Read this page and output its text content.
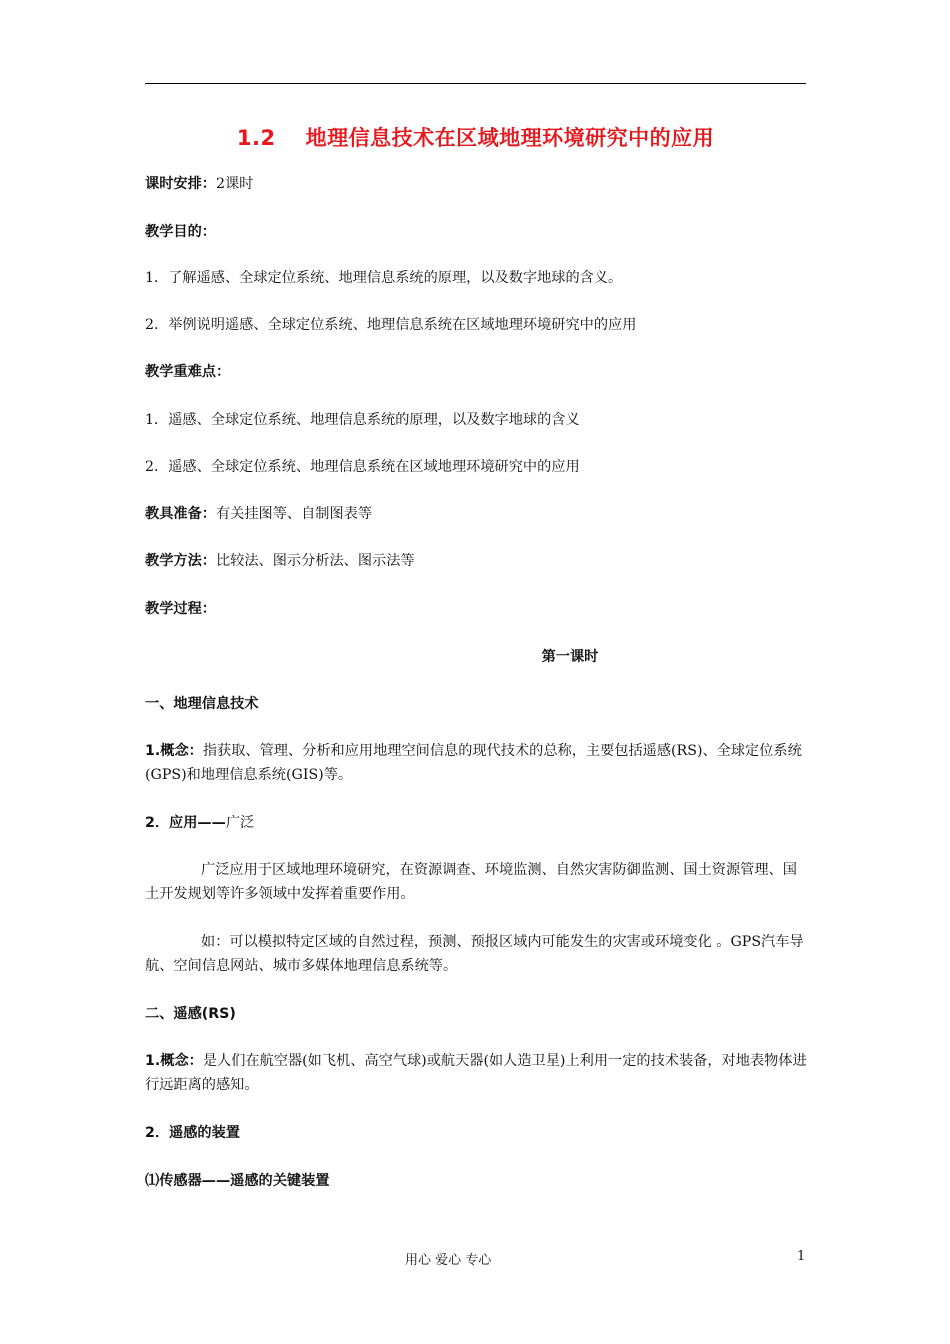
1.2 地理信息技术在区域地理环境研究中的应用
课时安排：2课时
教学目的：
1．了解遥感、全球定位系统、地理信息系统的原理，以及数字地球的含义。
2．举例说明遥感、全球定位系统、地理信息系统在区域地理环境研究中的应用
教学重难点：
1．遥感、全球定位系统、地理信息系统的原理，以及数字地球的含义
2．遥感、全球定位系统、地理信息系统在区域地理环境研究中的应用
教具准备：有关挂图等、自制图表等
教学方法：比较法、图示分析法、图示法等
教学过程：
第一课时
一、地理信息技术
1.概念：指获取、管理、分析和应用地理空间信息的现代技术的总称，主要包括遥感(RS)、全球定位系统(GPS)和地理信息系统(GIS)等。
2．应用——广泛
广泛应用于区域地理环境研究，在资源调查、环境监测、自然灾害防御监测、国土资源管理、国土开发规划等许多领域中发挥着重要作用。
如：可以模拟特定区域的自然过程，预测、预报区域内可能发生的灾害或环境变化 。GPS汽车导航、空间信息网站、城市多媒体地理信息系统等。
二、遥感(RS)
1.概念：是人们在航空器(如飞机、高空气球)或航天器(如人造卫星)上利用一定的技术装备，对地表物体进行远距离的感知。
2．遥感的装置
⑴传感器——遥感的关键装置
用心 爱心 专心	1
